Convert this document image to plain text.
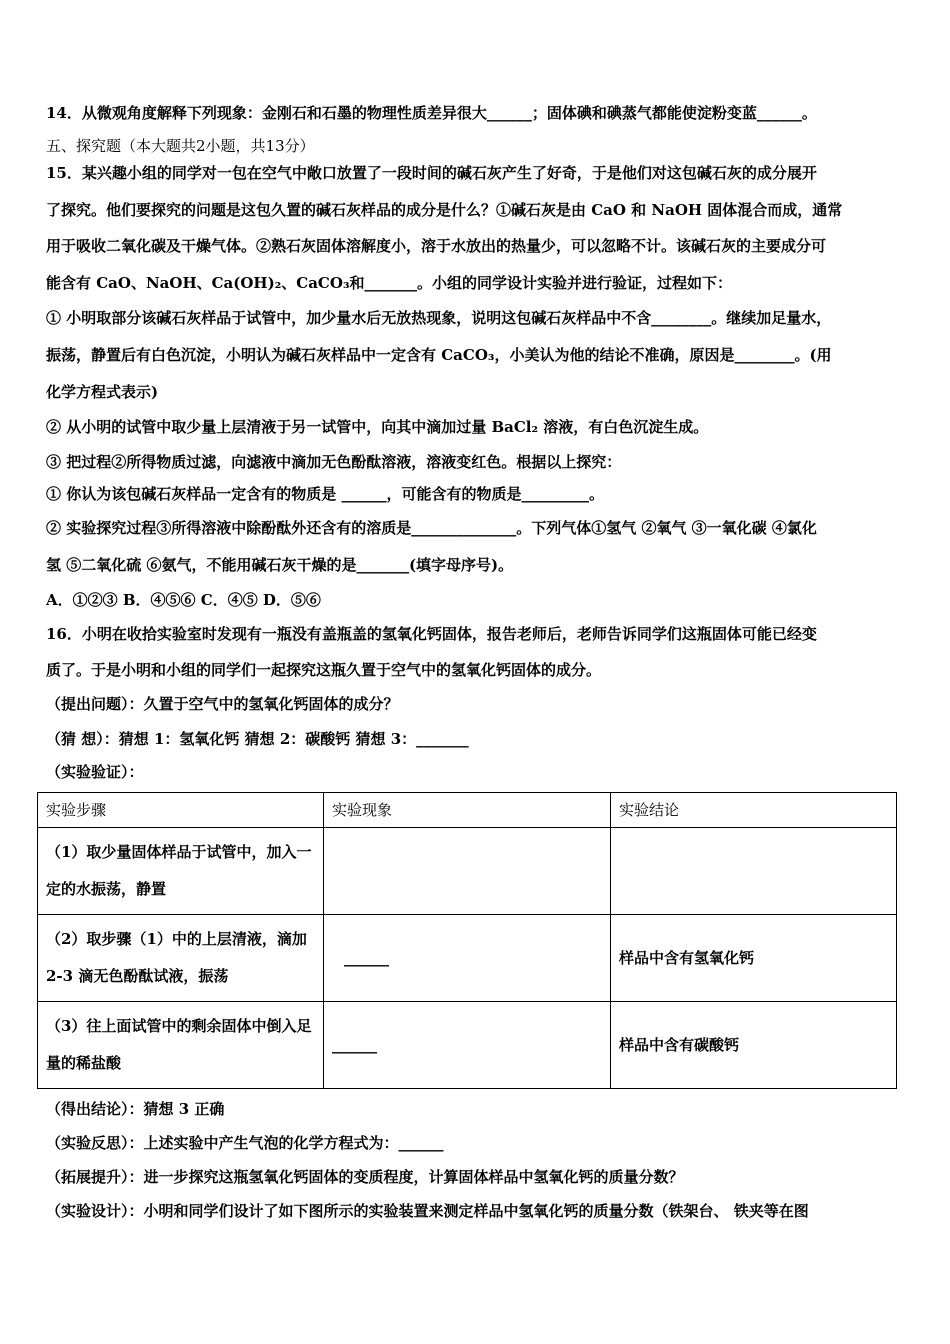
14．从微观角度解释下列现象：金刚石和石墨的物理性质差异很大______；固体碘和碘蒸气都能使淀粉变蓝______。
五、探究题（本大题共2小题，共13分）
15．某兴趣小组的同学对一包在空气中敞口放置了一段时间的碱石灰产生了好奇，于是他们对这包碱石灰的成分展开
了探究。他们要探究的问题是这包久置的碱石灰样品的成分是什么？①碱石灰是由 CaO 和 NaOH 固体混合而成，通常
用于吸收二氧化碳及干燥气体。②熟石灰固体溶解度小，溶于水放出的热量少，可以忽略不计。该碱石灰的主要成分可
能含有 CaO、NaOH、Ca(OH)₂、CaCO₃和_______。小组的同学设计实验并进行验证，过程如下：
① 小明取部分该碱石灰样品于试管中，加少量水后无放热现象，说明这包碱石灰样品中不含________。继续加足量水，
振荡，静置后有白色沉淀，小明认为碱石灰样品中一定含有 CaCO₃，小美认为他的结论不准确，原因是________。(用
化学方程式表示)
② 从小明的试管中取少量上层清液于另一试管中，向其中滴加过量 BaCl₂ 溶液，有白色沉淀生成。
③ 把过程②所得物质过滤，向滤液中滴加无色酚酞溶液，溶液变红色。根据以上探究：
① 你认为该包碱石灰样品一定含有的物质是 ______，可能含有的物质是_________。
② 实验探究过程③所得溶液中除酚酞外还含有的溶质是______________。下列气体①氢气 ②氧气 ③一氧化碳 ④氯化
氢 ⑤二氧化硫 ⑥氨气，不能用碱石灰干燥的是_______(填字母序号)。
A．①②③ B．④⑤⑥ C．④⑤ D．⑤⑥
16．小明在收拾实验室时发现有一瓶没有盖瓶盖的氢氧化钙固体，报告老师后，老师告诉同学们这瓶固体可能已经变
质了。于是小明和小组的同学们一起探究这瓶久置于空气中的氢氧化钙固体的成分。
（提出问题）：久置于空气中的氢氧化钙固体的成分？
（猜 想）：猜想 1：氢氧化钙 猜想 2：碳酸钙 猜想 3：_______
（实验验证）：
实验步骤	实验现象	实验结论
（1）取少量固体样品于试管中，加入一定的水振荡，静置		
（2）取步骤（1）中的上层清液，滴加 2-3 滴无色酚酞试液，振荡	______	样品中含有氢氧化钙
（3）往上面试管中的剩余固体中倒入足量的稀盐酸	______	样品中含有碳酸钙
（得出结论）：猜想 3 正确
（实验反思）：上述实验中产生气泡的化学方程式为：______
（拓展提升）：进一步探究这瓶氢氧化钙固体的变质程度，计算固体样品中氢氧化钙的质量分数？
（实验设计）：小明和同学们设计了如下图所示的实验装置来测定样品中氢氧化钙的质量分数（铁架台、 铁夹等在图
